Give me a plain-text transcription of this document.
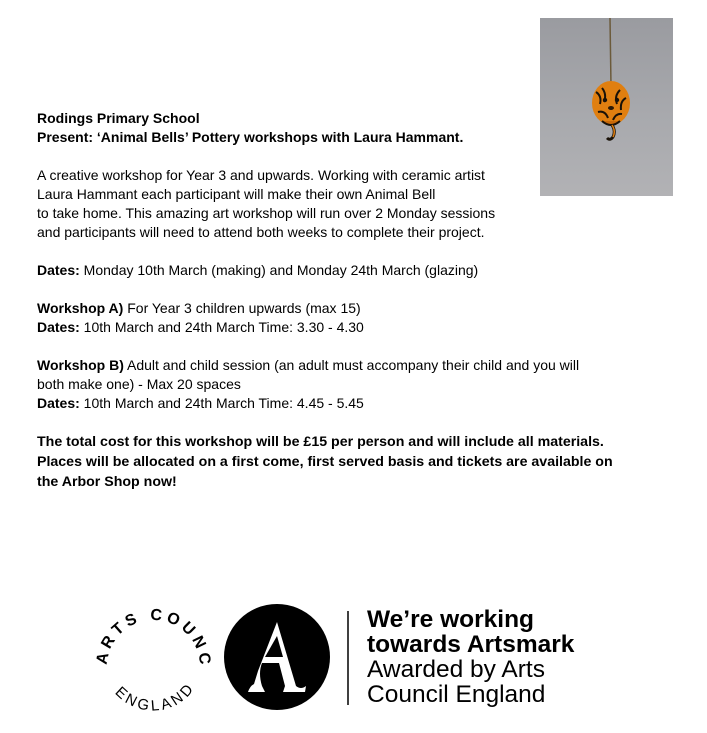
Rodings Primary School
Present: ‘Animal Bells’ Pottery workshops with Laura Hammant.

A creative workshop for Year 3 and upwards. Working with ceramic artist
Laura Hammant each participant will make their own Animal Bell
to take home. This amazing art workshop will run over 2 Monday sessions
and participants will need to attend both weeks to complete their project.

Dates: Monday 10th March (making) and Monday 24th March (glazing)

Workshop A) For Year 3 children upwards (max 15)
Dates: 10th March and 24th March Time: 3.30 - 4.30

Workshop B) Adult and child session (an adult must accompany their child and you will
both make one) - Max 20 spaces
Dates: 10th March and 24th March Time: 4.45 - 5.45

The total cost for this workshop will be £15 per person and will include all materials.
Places will be allocated on a first come, first served basis and tickets are available on
the Arbor Shop now!

ARTS COUNC
ENGLAND
We’re working
towards Artsmark
Awarded by Arts
Council England
